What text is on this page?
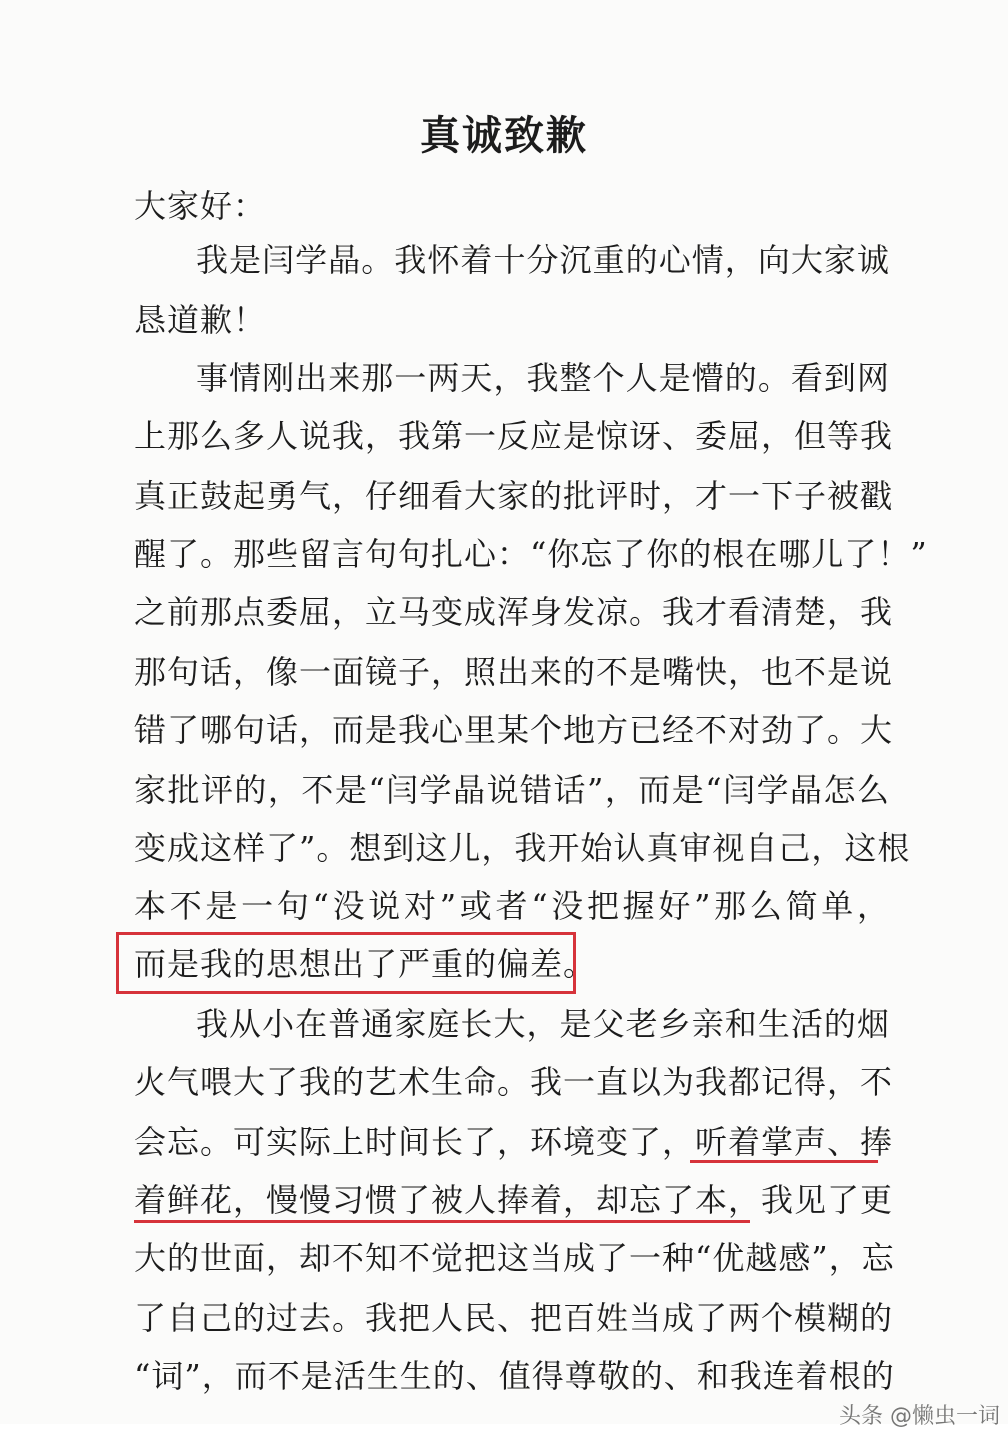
真诚致歉
大家好：
我是闫学晶。我怀着十分沉重的心情，向大家诚
恳道歉！
事情刚出来那一两天，我整个人是懵的。看到网
上那么多人说我，我第一反应是惊讶、委屈，但等我
真正鼓起勇气，仔细看大家的批评时，才一下子被戳
醒了。那些留言句句扎心：“你忘了你的根在哪儿了！”
之前那点委屈，立马变成浑身发凉。我才看清楚，我
那句话，像一面镜子，照出来的不是嘴快，也不是说
错了哪句话，而是我心里某个地方已经不对劲了。大
家批评的，不是“闫学晶说错话”，而是“闫学晶怎么
变成这样了”。想到这儿，我开始认真审视自己，这根
本不是一句“没说对”或者“没把握好”那么简单，
而是我的思想出了严重的偏差。
我从小在普通家庭长大，是父老乡亲和生活的烟
火气喂大了我的艺术生命。我一直以为我都记得，不
会忘。可实际上时间长了，环境变了，听着掌声、捧
着鲜花，慢慢习惯了被人捧着，却忘了本，我见了更
大的世面，却不知不觉把这当成了一种“优越感”，忘
了自己的过去。我把人民、把百姓当成了两个模糊的
“词”，而不是活生生的、值得尊敬的、和我连着根的
头条 @懒虫一词
